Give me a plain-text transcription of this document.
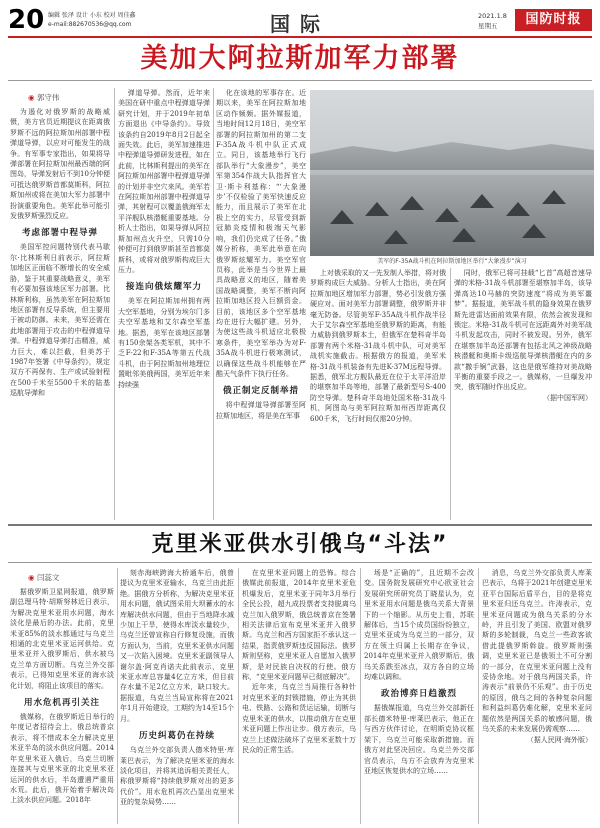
20 编辑 张泽 设计 小东 校对 周佳鑫
e-mail:882670536@qq.com	国际	2021.1.8
星期五	国防时报
美加大阿拉斯加军力部署
◉ 郭守伟

为遏化对俄罗斯的战略威慑，美方官员近期提议在距离俄罗斯不远的阿拉斯加州部署中程弹道导弹，以应对可能发生的战争。有军事专家指出，如果将导弹部署在阿拉斯加州最西端的阿图岛，导弹发射后不到10分钟便可抵达俄罗斯首都莫斯科，阿拉斯加州或将在美加大军力部署中扮演重要角色。美军此举可能引发俄罗斯强烈反应。

考虑部署中程导弹

美国军控问题特别代表马歇尔·比林斯利日前表示，阿拉斯加地区正面临不断增长的安全威胁，鉴于其重要战略意义，美军有必要加强该地区军力部署。比林斯利称，虽然美军在阿拉斯加地区部署有反导系统，但主要用于被动防御。未来，美军还需在此地部署用于攻击的中程弹道导弹。中程弹道导弹打击精准，威力巨大，难以拦截，但美苏于1987年签署《中导条约》，规定双方不再保有、生产或试验射程在500千米至5500千米的陆基巡航导弹和

弹道导弹。然而，近年来美国在研中重点中程弹道导弹研究计划，并于2019年初单方面退出《中导条约》。导致该条约自2019年8月2日起全面失效。此后，美军加速推进中程弹道导弹研发进程，如在此前，比林斯利提出的美军在阿拉斯加州部署中程弹道导弹的计划并非空穴来风。美军若在阿拉斯加州部署中程弹道导弹，其射程可以覆盖俄海军太平洋舰队核潜艇重要基地。分析人士指出，如果导弹从阿拉斯加州点火升空，只需10分钟便可打到俄罗斯甚至首都莫斯科，或将对俄罗斯构成巨大压力。

接连向俄炫耀军力

美军在阿拉斯加州拥有两大空军基地，分别为埃尔门多夫空军基地和艾尔森空军基地。据悉，美军在该地区部署有150余架各类军机，其中不乏F-22和F-35A等第五代战斗机，由于阿拉斯加州地理位置毗邻美俄两国，美军近年来持续强

化在该地的军事存在。近期以来，美军在阿拉斯加地区动作频频。据外媒报道，当地时间12月18日，美空军部署的阿拉斯加州的第二支F-35A战斗机中队正式成立。同日，该基地举行飞行部队举行“大象漫步”，美空军第354作战大队指挥官大卫·斯卡利基称：“‘大象漫步’不仅检验了美军快速反应能力，而且展示了美军在北极上空的实力，尽管受到新冠肺炎疫情和极端天气影响，我们仍完成了任务。”俄媒分析称，美军此举意在向俄罗斯炫耀军力。美空军官员称，此举是当今世界上最具战略意义的地区，随着美国战略调整，美军不断向阿拉斯加地区投入巨额资金。目前，该地区多个空军基地均在进行大幅扩建。另外，为使这些战斗机适应北极极寒条件，美空军举办为对F-35A战斗机进行极寒测试，以确保这些战斗机能够在严酷天气条件下执行任务。

俄正制定反制举措

将中程弹道导弹部署至阿拉斯加地区，将是美在军事

美军的F-35A战斗机在阿拉斯加地区举行“大象漫步”演习

上对俄采取的又一先发制人举措，将对俄罗斯构成巨大威胁。分析人士指出，美在阿拉斯加地区增加军力部署，势必引发俄方强硬应对。面对美军力部署调整，俄罗斯并非毫无防备。尽管美军F-35A战斗机作战半径大于艾尔森空军基地至俄罗斯的距离，有能力威胁到俄罗斯本土，但俄军在楚科奇半岛部署有两个米格-31战斗机中队，可对美军战机实施截击。根据俄方的报道，美军米格-31战斗机装备有先进K-37M远程导弹。据悉，俄军北方舰队最近在位于太平洋沿岸的堪察加半岛等地，部署了最新型号S-400防空导弹。楚科奇半岛地处国米格-31战斗机，阿图岛与美军阿拉斯加州西岸距离仅600千米，飞行时间仅需20分钟。

同时，俄军已将可挂载“匕首”高超音速导弹的米格-31战斗机部署至堪察加半岛，该导弹高达10马赫的突防速度“将成为美军噩梦”。据报道，美军战斗机的隐身效果在俄罗斯先进雷达面前效果有限，依然会被发现和锁定。米格-31战斗机可在远距离外对美军战斗机发起攻击，同时不被发现。另外，俄军在堪察加半岛还部署有包括北风之神级战略核潜艇和奥斯卡级巡航导弹核潜艇在内的多款“撒手锏”武器，这也是俄军维持对美战略平衡的重要手段之一。俄媒称，一旦爆发冲突，俄军随时作出反应。

（据中国军网）
克里米亚供水引俄乌“斗法”
◉ 闫蕊文

据俄罗斯卫星网报道，俄罗斯副总理马特·胡斯努林近日表示，为解决克里米亚用水问题，海水淡化是最后的办法。此前，克里米亚85%的淡水都通过与乌克兰相通的北克里米亚运河供给。克里米亚并入俄罗斯后，供水被乌克兰单方面切断。乌克兰外交部表示，已得知克里米亚的海水淡化计划，将阻止该项目的落实。

用水危机再引关注

俄媒称，在俄罗斯近日举行的年度记者招待会上，俄总统普京表示，将不惜成本全力解决克里米亚半岛的淡水供应问题。2014年克里米亚入俄后，乌克兰切断连接其与克里米亚的北克里米亚运河的供水后，半岛遭遇严重用水荒。此后，俄开始着手解决岛上淡水供应问题。2018年

刻赤海峡跨海大桥通车后，俄曾提议为克里米亚输水，乌克兰由此拒绝。据俄方分析称，为解决克里米亚用水问题，俄试图采用大坝蓄水的水库解决供水问题，但由于当地降水减少加上干旱，使得水库淡水量较少，乌克兰还曾宣称自行修复设施，而俄方面认为，当前，克里米亚供水问题又一次陷入困境。克里米亚副领导人谢尔盖·阿克肖诺夫此前表示，克里米亚水库总容量4亿立方米，但目前存水量不足2亿立方米，缺口较大。据报道，乌克兰当局宣称将在2021年1月开始建设，工期约为14至15个月。

历史纠葛仍在持续

乌克兰外交部负责人德米特里·库莱巴表示，为了解决克里米亚的海水淡化项目，并将其追诉相关责任人，称俄罗斯将“持续俄罗斯对出的更多代价”。用水危机再次凸显出克里米亚的复杂局势……

在克里米亚问题上的恐怖。综合俄媒此前报道，2014年克里米亚危机爆发后，克里米亚于同年3月举行全民公投，超九成投票者支持脱离乌克兰加入俄罗斯，俄总统普京在签署相关法律后宣布克里米亚并入俄罗斯。乌克兰和西方国家拒不承认这一结果，指责俄罗斯违反国际法。俄罗斯则坚称，克里米亚人自愿加入俄罗斯，是对民族自决权的行使。俄方称，“克里米亚问题早已彻底解决”。

近年来，乌克兰当局推行各种针对克里米亚的封锁措施，停止为其供电、铁路、公路和货运运输，切断与克里米亚的供水，以推动俄方在克里米亚问题上作出让步。俄方表示，乌克兰上述做法破坏了克里米亚数十万民众的正常生活。

场是“正确的”，且近期不会改变。国务院发展研究中心欧亚社会发展研究所研究员丁晓星认为，克里米亚用水问题是俄乌关系大背景下的一个缩影。从历史上看，苏联解体后，当15个成员国纷纷独立，克里米亚成为乌克兰的一部分，双方在领土归属上长期存在争议，2014年克里米亚并入俄罗斯后，俄乌关系跌至冰点，双方各自的立场均难以调和。

政治博弈日趋激烈

据俄媒报道，乌克兰外交部新任部长德米特里·库莱巴表示，他正在与西方伙伴讨论，在明斯克协议框架下，乌克兰可能采取新措施。而俄方对此坚决回应。乌克兰外交部官员表示，乌方不会放弃为克里米亚地区恢复供水的立场……

消息，乌克兰外交部负责人库莱巴表示，乌将于2021年创建克里米亚平台国际后盾平台，目的是将克里米亚归还乌克兰。许涛表示，克里米亚问题成为俄乌关系的分水岭，并且引发了美国、欧盟对俄罗斯的多轮制裁，乌克兰一些政客欲借此提俄罗斯斡旋。俄罗斯则强调，克里米亚已是俄领土不可分割的一部分，在克里米亚问题上没有妥协余地。对于俄乌两国关系，许涛表示“前景仍不乐观”。由于历史的原因，俄乌之间的各种复杂问题和利益纠葛仍难化解，克里米亚问题依然是两国关系的敏感问题，俄乌关系的未来发展仍需观察……

（据人民网·海外版）
